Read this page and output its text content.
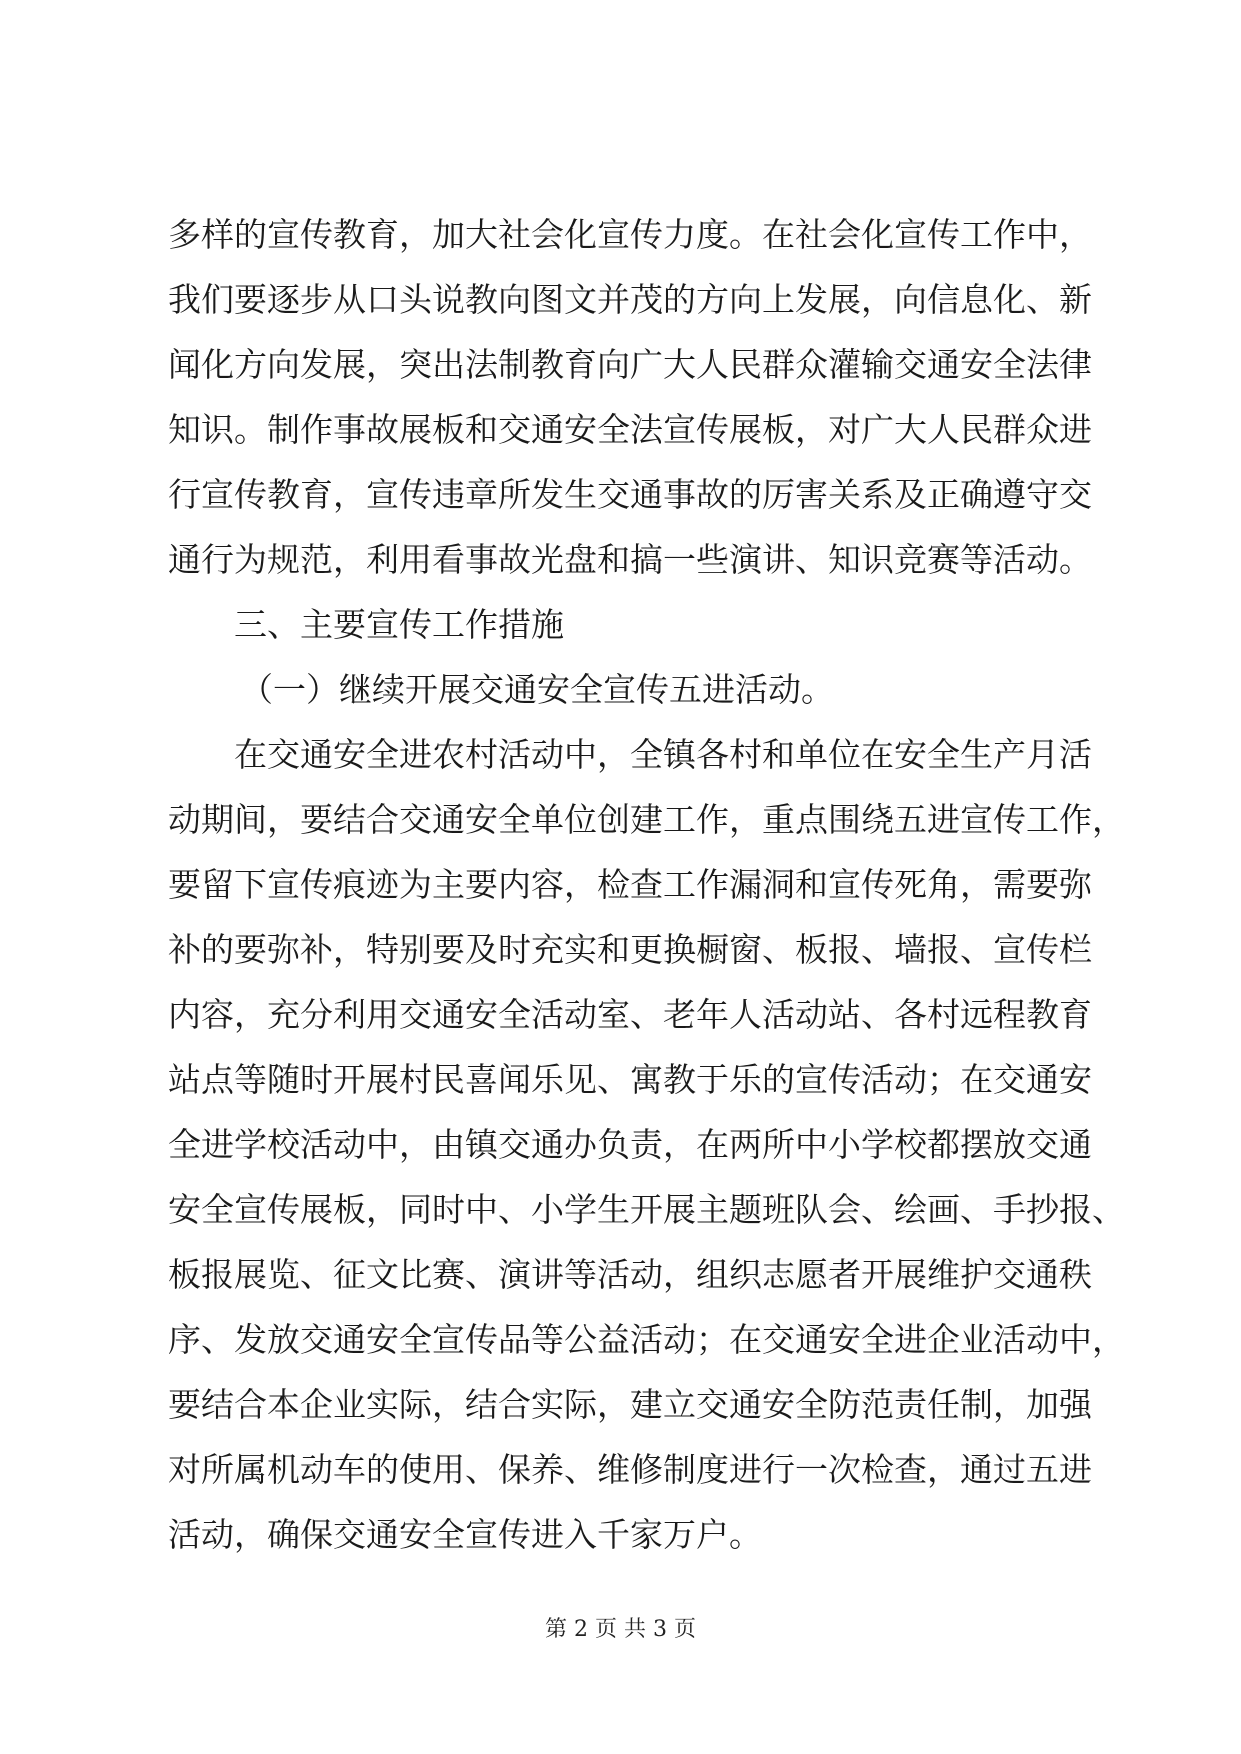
多样的宣传教育，加大社会化宣传力度。在社会化宣传工作中，
我们要逐步从口头说教向图文并茂的方向上发展，向信息化、新
闻化方向发展，突出法制教育向广大人民群众灌输交通安全法律
知识。制作事故展板和交通安全法宣传展板，对广大人民群众进
行宣传教育，宣传违章所发生交通事故的厉害关系及正确遵守交
通行为规范，利用看事故光盘和搞一些演讲、知识竞赛等活动。
三、主要宣传工作措施
（一）继续开展交通安全宣传五进活动。
在交通安全进农村活动中，全镇各村和单位在安全生产月活
动期间，要结合交通安全单位创建工作，重点围绕五进宣传工作，
要留下宣传痕迹为主要内容，检查工作漏洞和宣传死角，需要弥
补的要弥补，特别要及时充实和更换橱窗、板报、墙报、宣传栏
内容，充分利用交通安全活动室、老年人活动站、各村远程教育
站点等随时开展村民喜闻乐见、寓教于乐的宣传活动；在交通安
全进学校活动中，由镇交通办负责，在两所中小学校都摆放交通
安全宣传展板，同时中、小学生开展主题班队会、绘画、手抄报、
板报展览、征文比赛、演讲等活动，组织志愿者开展维护交通秩
序、发放交通安全宣传品等公益活动；在交通安全进企业活动中，
要结合本企业实际，结合实际，建立交通安全防范责任制，加强
对所属机动车的使用、保养、维修制度进行一次检查，通过五进
活动，确保交通安全宣传进入千家万户。
第 2 页 共 3 页
